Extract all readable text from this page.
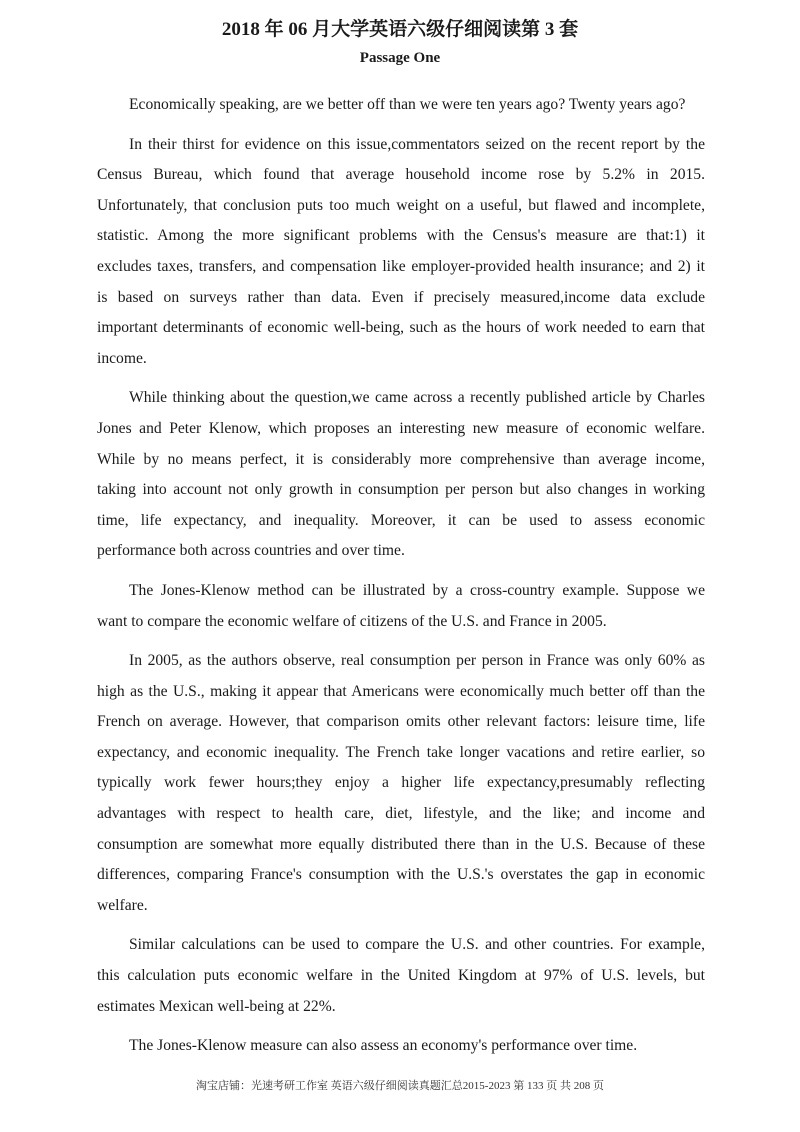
2018 年 06 月大学英语六级仔细阅读第 3 套
Passage One
Economically speaking, are we better off than we were ten years ago? Twenty years ago?
In their thirst for evidence on this issue,commentators seized on the recent report by the
Census Bureau, which found that average household income rose by 5.2% in 2015.
Unfortunately, that conclusion puts too much weight on a useful, but flawed and incomplete,
statistic. Among the more significant problems with the Census's measure are that:1) it
excludes taxes, transfers, and compensation like employer-provided health insurance; and 2) it
is based on surveys rather than data. Even if precisely measured,income data exclude
important determinants of economic well-being, such as the hours of work needed to earn that
income.
While thinking about the question,we came across a recently published article by Charles
Jones and Peter Klenow, which proposes an interesting new measure of economic welfare.
While by no means perfect, it is considerably more comprehensive than average income,
taking into account not only growth in consumption per person but also changes in working
time, life expectancy, and inequality. Moreover, it can be used to assess economic
performance both across countries and over time.
The Jones-Klenow method can be illustrated by a cross-country example. Suppose we
want to compare the economic welfare of citizens of the U.S. and France in 2005.
In 2005, as the authors observe, real consumption per person in France was only 60% as
high as the U.S., making it appear that Americans were economically much better off than the
French on average. However, that comparison omits other relevant factors: leisure time, life
expectancy, and economic inequality. The French take longer vacations and retire earlier, so
typically work fewer hours;they enjoy a higher life expectancy,presumably reflecting
advantages with respect to health care, diet, lifestyle, and the like; and income and
consumption are somewhat more equally distributed there than in the U.S. Because of these
differences, comparing France's consumption with the U.S.'s overstates the gap in economic
welfare.
Similar calculations can be used to compare the U.S. and other countries. For example,
this calculation puts economic welfare in the United Kingdom at 97% of U.S. levels, but
estimates Mexican well-being at 22%.
The Jones-Klenow measure can also assess an economy's performance over time.
淘宝店铺：光速考研工作室 英语六级仔细阅读真题汇总2015-2023 第 133 页 共 208 页
